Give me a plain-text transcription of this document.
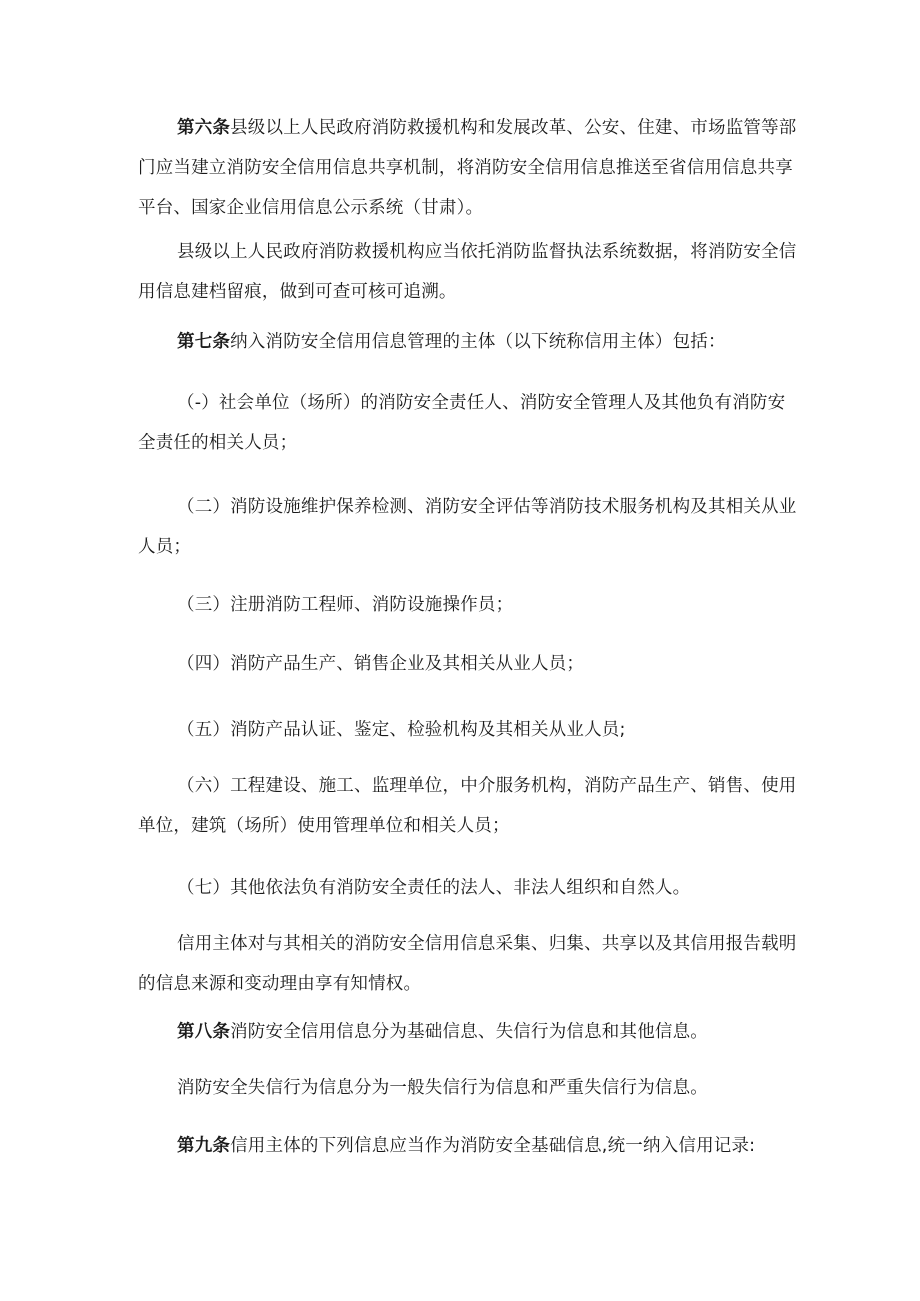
第六条县级以上人民政府消防救援机构和发展改革、公安、住建、市场监管等部门应当建立消防安全信用信息共享机制，将消防安全信用信息推送至省信用信息共享平台、国家企业信用信息公示系统（甘肃）。

县级以上人民政府消防救援机构应当依托消防监督执法系统数据，将消防安全信用信息建档留痕，做到可查可核可追溯。

第七条纳入消防安全信用信息管理的主体（以下统称信用主体）包括：

（-）社会单位（场所）的消防安全责任人、消防安全管理人及其他负有消防安全责任的相关人员；

（二）消防设施维护保养检测、消防安全评估等消防技术服务机构及其相关从业人员；

（三）注册消防工程师、消防设施操作员；

（四）消防产品生产、销售企业及其相关从业人员；

（五）消防产品认证、鉴定、检验机构及其相关从业人员;

（六）工程建设、施工、监理单位，中介服务机构，消防产品生产、销售、使用单位，建筑（场所）使用管理单位和相关人员；

（七）其他依法负有消防安全责任的法人、非法人组织和自然人。

信用主体对与其相关的消防安全信用信息采集、归集、共享以及其信用报告载明的信息来源和变动理由享有知情权。

第八条消防安全信用信息分为基础信息、失信行为信息和其他信息。

消防安全失信行为信息分为一般失信行为信息和严重失信行为信息。

第九条信用主体的下列信息应当作为消防安全基础信息,统一纳入信用记录:
